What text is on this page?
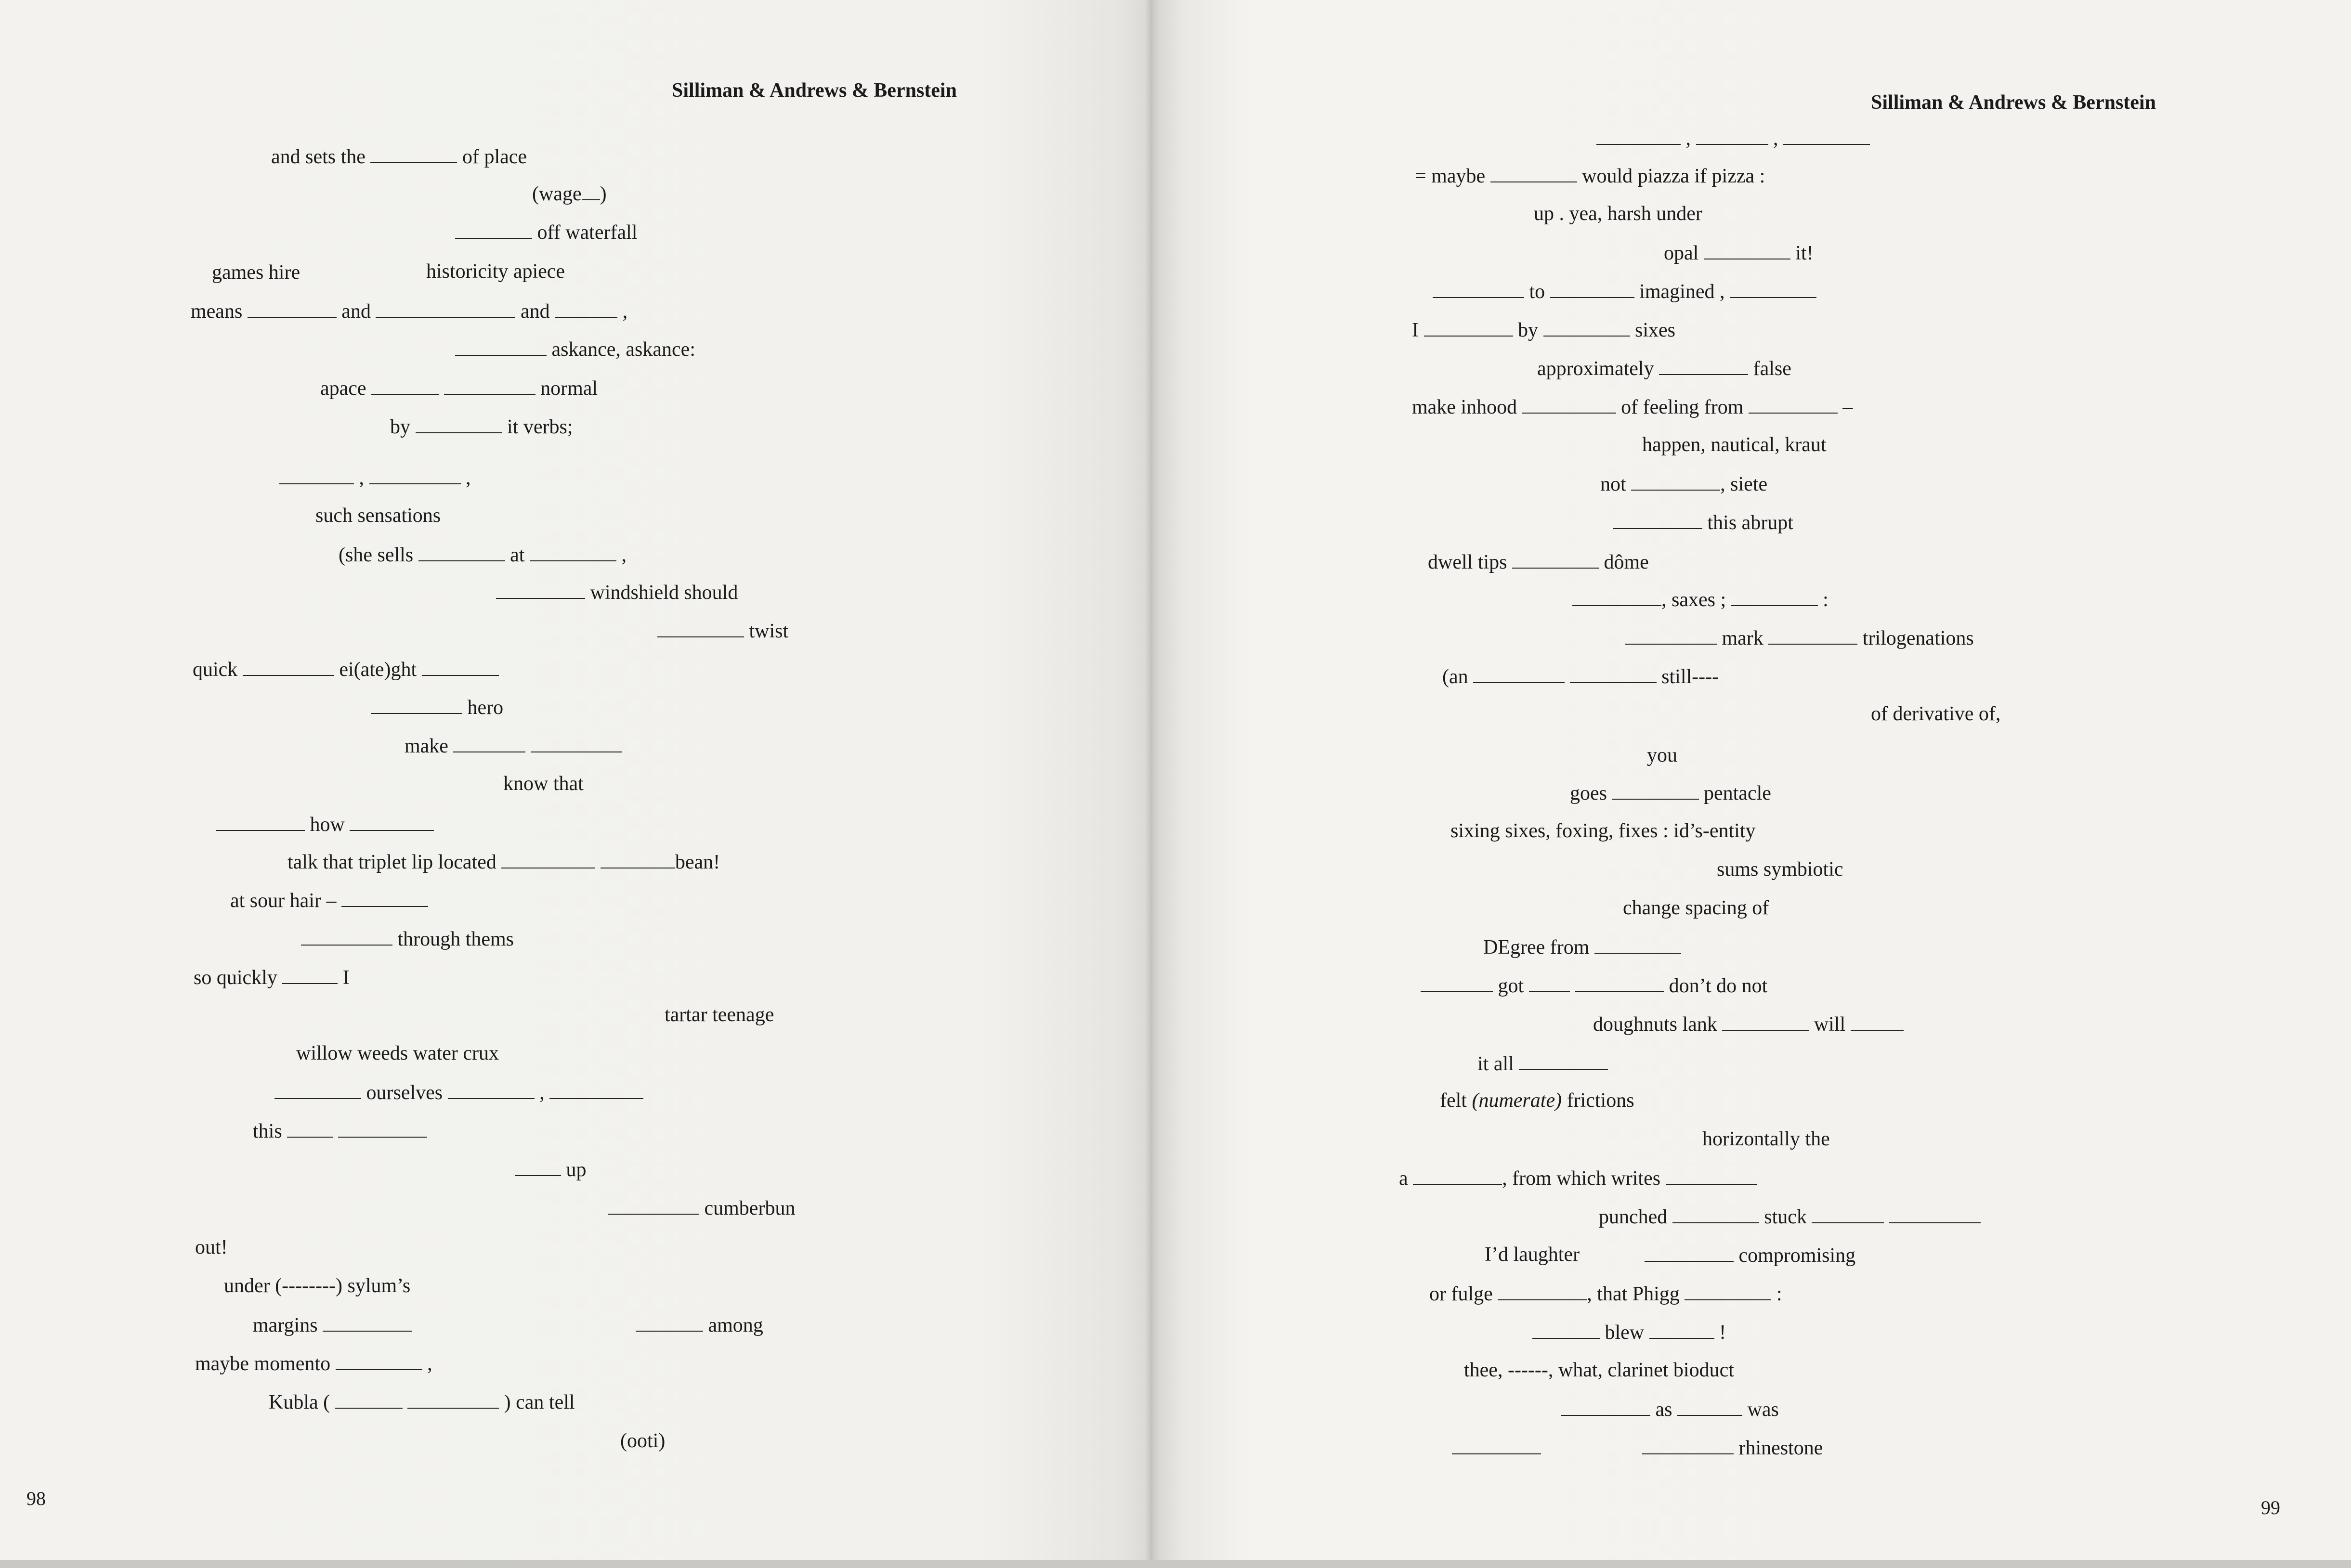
Silliman & Andrews & Bernstein
and sets the	of place
(wage )
off waterfall
games hire	historicity apiece
means	and	and	,
askance, askance:
apace	normal
by	it verbs;
,	,
such sensations
(she sells	at	,
windshield should
twist
quick	ei(ate)ght
hero
make
know that
how
talk that triplet lip located	bean!
at sour hair –
through thems
so quickly	I
tartar teenage
willow weeds water crux
ourselves	,
this
up
cumberbun
out!
under (--------) sylum’s
margins	among
maybe momento	,
Kubla (	) can tell
(ooti)
98
Silliman & Andrews & Bernstein
,	,
= maybe	would piazza if pizza :
up . yea, harsh under
opal	it!
to	imagined ,
I	by	sixes
approximately	false
make inhood	of feeling from	–
happen, nautical, kraut
not	, siete
this abrupt
dwell tips	dôme
, saxes ;	:
mark	trilogenations
(an	still----
of derivative of,
you
goes	pentacle
sixing sixes, foxing, fixes : id’s-entity
sums symbiotic
change spacing of
DEgree from
got	don’t do not
doughnuts lank	will
it all
felt (numerate) frictions
horizontally the
a	, from which writes
punched	stuck
I’d laughter	compromising
or fulge	, that Phigg	:
blew	!
thee, ------, what, clarinet bioduct
as	was
rhinestone
99
